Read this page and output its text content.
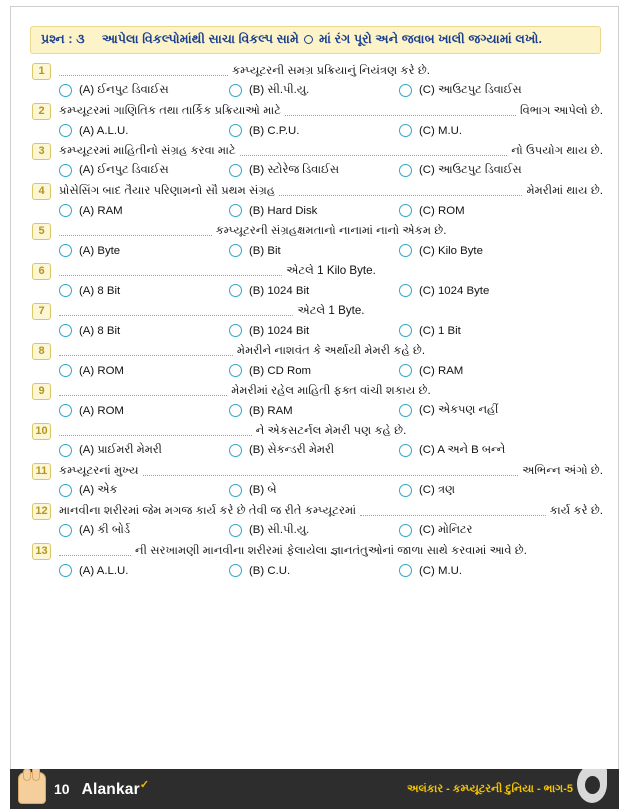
પ્રશ્ન : ૩ આપેલા વિકલ્પોમાંથી સાચા વિકલ્પ સામે માં રંગ પૂરો અને જવાબ ખાલી જગ્યામાં લખો.
1	કમ્પ્યૂટરની સમગ્ર પ્રક્રિયાનું નિયંત્રણ કરે છે.
(A) ઈનપુટ ડિવાઈસ	(B) સી.પી.યુ.	(C) આઉટપુટ ડિવાઈસ
2	કમ્પ્યૂટરમાં ગાણિતિક તથા તાર્કિક પ્રક્રિયાઓ માટે	વિભાગ આપેલો છે.
(A) A.L.U.	(B) C.P.U.	(C) M.U.
3	કમ્પ્યૂટરમાં માહિતીનો સંગ્રહ કરવા માટે	નો ઉપયોગ થાય છે.
(A) ઈનપુટ ડિવાઈસ	(B) સ્ટોરેજ ડિવાઈસ	(C) આઉટપુટ ડિવાઈસ
4	પ્રોસેસિંગ બાદ તૈયાર પરિણામનો સૌ પ્રથમ સંગ્રહ	મેમરીમાં થાય છે.
(A) RAM	(B) Hard Disk	(C) ROM
5	કમ્પ્યૂટરની સંગ્રહક્ષમતાનો નાનામાં નાનો એકમ છે.
(A) Byte	(B) Bit	(C) Kilo Byte
6	એટલે 1 Kilo Byte.
(A) 8 Bit	(B) 1024 Bit	(C) 1024 Byte
7	એટલે 1 Byte.
(A) 8 Bit	(B) 1024 Bit	(C) 1 Bit
8	મેમરીને નાશવંત કે અર્થાયી મેમરી કહે છે.
(A) ROM	(B) CD Rom	(C) RAM
9	મેમરીમાં રહેલ માહિતી ફક્ત વાંચી શકાય છે.
(A) ROM	(B) RAM	(C) એકપણ નહીં
10	ને એકસટર્નલ મેમરી પણ કહે છે.
(A) પ્રાઈમરી મેમરી	(B) સેકન્ડરી મેમરી	(C) A અને B બન્ને
11	કમ્પ્યૂટરનાં મુખ્ય	અભિન્ન અંગો છે.
(A) એક	(B) બે	(C) ત્રણ
12 માનવીના શરીરમાં જેમ મગજ કાર્ય કરે છે તેવી જ રીતે કમ્પ્યૂટરમાં	કાર્ય કરે છે.
(A) કી બોર્ડ	(B) સી.પી.યુ.	(C) મોનિટર
13	ની સરખામણી માનવીના શરીરમાં ફેલાયેલા જ્ઞાનતંતુઓનાં જાળા સાથે કરવામાં આવે છે.
(A) A.L.U.	(B) C.U.	(C) M.U.
10 Alankar✓	અલંકાર - કમ્પ્યૂટરની દુનિયા - ભાગ-5
